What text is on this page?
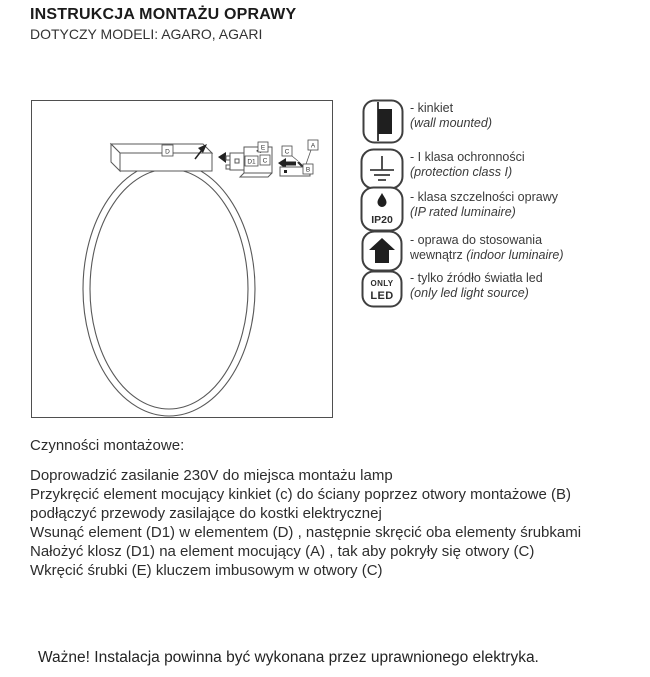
INSTRUKCJA MONTAŻU OPRAWY
DOTYCZY MODELI: AGARO, AGARI
D
D1
E
C
C
A
B
IP20
ONLY
LED
- kinkiet
(wall mounted)
- I klasa ochronności
(protection class I)
- klasa szczelności oprawy
(IP rated luminaire)
- oprawa do stosowania
wewnątrz (indoor luminaire)
- tylko źródło światła led
(only led light source)
Czynności montażowe:
Doprowadzić zasilanie 230V do miejsca montażu lamp
Przykręcić element mocujący kinkiet (c) do ściany poprzez otwory montażowe (B)
podłączyć przewody zasilające do kostki elektrycznej
Wsunąć element (D1) w elementem (D) , następnie skręcić oba elementy śrubkami
Nałożyć klosz (D1) na element mocujący (A) , tak aby pokryły się otwory (C)
Wkręcić śrubki (E) kluczem imbusowym w otwory (C)
Ważne! Instalacja powinna być wykonana przez uprawnionego elektryka.
